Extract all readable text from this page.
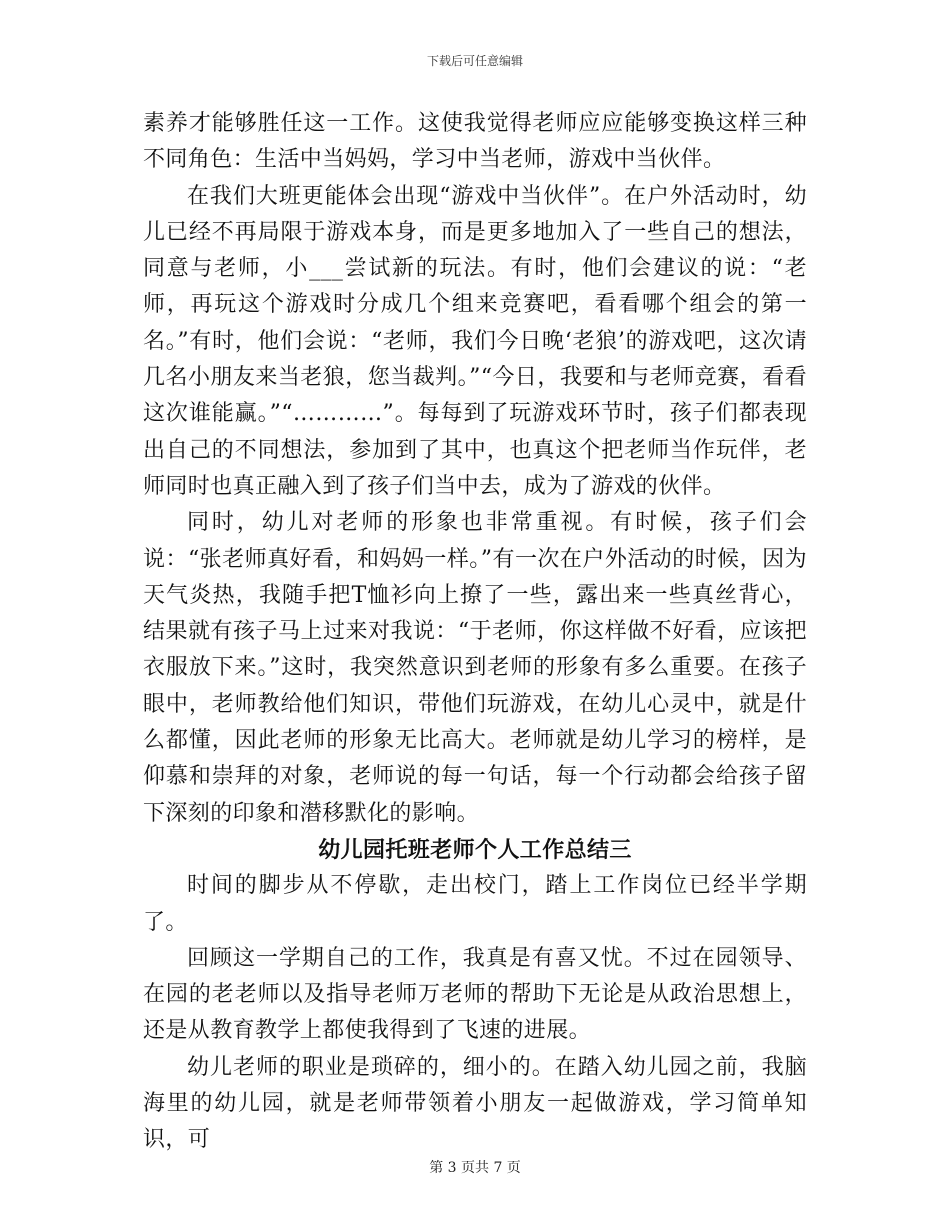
下载后可任意编辑

素养才能够胜任这一工作。这使我觉得老师应应能够变换这样三种不同角色：生活中当妈妈，学习中当老师，游戏中当伙伴。

在我们大班更能体会出现“游戏中当伙伴”。在户外活动时，幼儿已经不再局限于游戏本身，而是更多地加入了一些自己的想法，同意与老师，小___尝试新的玩法。有时，他们会建议的说：“老师，再玩这个游戏时分成几个组来竞赛吧，看看哪个组会的第一名。”有时，他们会说：“老师，我们今日晚‘老狼’的游戏吧，这次请几名小朋友来当老狼，您当裁判。”“今日，我要和与老师竞赛，看看这次谁能赢。”“…………”。每每到了玩游戏环节时，孩子们都表现出自己的不同想法，参加到了其中，也真这个把老师当作玩伴，老师同时也真正融入到了孩子们当中去，成为了游戏的伙伴。

同时，幼儿对老师的形象也非常重视。有时候，孩子们会说：“张老师真好看，和妈妈一样。”有一次在户外活动的时候，因为天气炎热，我随手把T恤衫向上撩了一些，露出来一些真丝背心，结果就有孩子马上过来对我说：“于老师，你这样做不好看，应该把衣服放下来。”这时，我突然意识到老师的形象有多么重要。在孩子眼中，老师教给他们知识，带他们玩游戏，在幼儿心灵中，就是什么都懂，因此老师的形象无比高大。老师就是幼儿学习的榜样，是仰慕和崇拜的对象，老师说的每一句话，每一个行动都会给孩子留下深刻的印象和潜移默化的影响。

幼儿园托班老师个人工作总结三

时间的脚步从不停歇，走出校门，踏上工作岗位已经半学期了。

回顾这一学期自己的工作，我真是有喜又忧。不过在园领导、在园的老老师以及指导老师万老师的帮助下无论是从政治思想上，还是从教育教学上都使我得到了飞速的进展。

幼儿老师的职业是琐碎的，细小的。在踏入幼儿园之前，我脑海里的幼儿园，就是老师带领着小朋友一起做游戏，学习简单知识，可

第 3 页共 7 页
